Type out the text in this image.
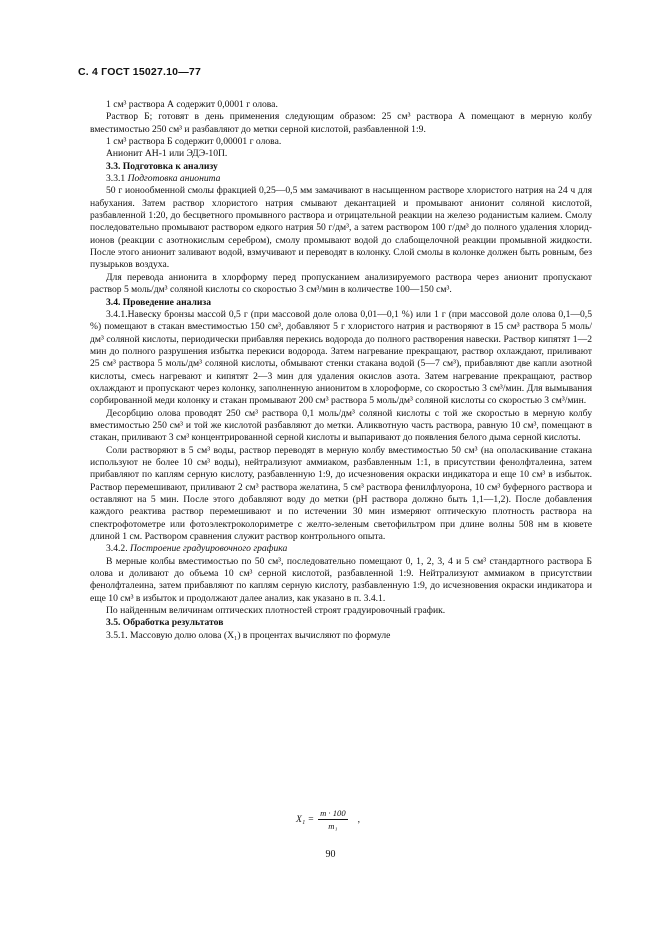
С. 4 ГОСТ 15027.10—77

1 см³ раствора А содержит 0,0001 г олова.

Раствор Б; готовят в день применения следующим образом: 25 см³ раствора А помещают в мерную колбу вместимостью 250 см³ и разбавляют до метки серной кислотой, разбавленной 1:9.

1 см³ раствора Б содержит 0,00001 г олова.

Анионит АН-1 или ЭДЭ-10П.

3.3. Подготовка к анализу

3.3.1 Подготовка анионита

50 г ионообменной смолы фракцией 0,25—0,5 мм замачивают в насыщенном растворе хлористого натрия на 24 ч для набухания. Затем раствор хлористого натрия смывают декантацией и промывают анионит соляной кислотой, разбавленной 1:20, до бесцветного промывного раствора и отрицательной реакции на железо роданистым калием. Смолу последовательно промывают раствором едкого натрия 50 г/дм³, а затем раствором 100 г/дм³ до полного удаления хлорид-ионов (реакции с азотнокислым серебром), смолу промывают водой до слабощелочной реакции промывной жидкости. После этого анионит заливают водой, взмучивают и переводят в колонку. Слой смолы в колонке должен быть ровным, без пузырьков воздуха.

Для перевода анионита в хлорформу перед пропусканием анализируемого раствора через анионит пропускают раствор 5 моль/дм³ соляной кислоты со скоростью 3 см³/мин в количестве 100—150 см³.

3.4. Проведение анализа

3.4.1.Навеску бронзы массой 0,5 г (при массовой доле олова 0,01—0,1 %) или 1 г (при массовой доле олова 0,1—0,5 %) помещают в стакан вместимостью 150 см³, добавляют 5 г хлористого натрия и растворяют в 15 см³ раствора 5 моль/дм³ соляной кислоты, периодически прибавляя перекись водорода до полного растворения навески. Раствор кипятят 1—2 мин до полного разрушения избытка перекиси водорода. Затем нагревание прекращают, раствор охлаждают, приливают 25 см³ раствора 5 моль/дм³ соляной кислоты, обмывают стенки стакана водой (5—7 см³), прибавляют две капли азотной кислоты, смесь нагревают и кипятят 2—3 мин для удаления окислов азота. Затем нагревание прекращают, раствор охлаждают и пропускают через колонку, заполненную анионитом в хлороформе, со скоростью 3 см³/мин. Для вымывания сорбированной меди колонку и стакан промывают 200 см³ раствора 5 моль/дм³ соляной кислоты со скоростью 3 см³/мин.

Десорбцию олова проводят 250 см³ раствора 0,1 моль/дм³ соляной кислоты с той же скоростью в мерную колбу вместимостью 250 см³ и той же кислотой разбавляют до метки. Аликвотную часть раствора, равную 10 см³, помещают в стакан, приливают 3 см³ концентрированной серной кислоты и выпаривают до появления белого дыма серной кислоты.

Соли растворяют в 5 см³ воды, раствор переводят в мерную колбу вместимостью 50 см³ (на ополаскивание стакана используют не более 10 см³ воды), нейтрализуют аммиаком, разбавленным 1:1, в присутствии фенолфталеина, затем прибавляют по каплям серную кислоту, разбавленную 1:9, до исчезновения окраски индикатора и еще 10 см³ в избыток. Раствор перемешивают, приливают 2 см³ раствора желатина, 5 см³ раствора фенилфлуорона, 10 см³ буферного раствора и оставляют на 5 мин. После этого добавляют воду до метки (рН раствора должно быть 1,1—1,2). После добавления каждого реактива раствор перемешивают и по истечении 30 мин измеряют оптическую плотность раствора на спектрофотометре или фотоэлектроколориметре с желто-зеленым светофильтром при длине волны 508 нм в кювете длиной 1 см. Раствором сравнения служит раствор контрольного опыта.

3.4.2. Построение градуировочного графика

В мерные колбы вместимостью по 50 см³, последовательно помещают 0, 1, 2, 3, 4 и 5 см³ стандартного раствора Б олова и доливают до объема 10 см³ серной кислотой, разбавленной 1:9. Нейтрализуют аммиаком в присутствии фенолфталеина, затем прибавляют по каплям серную кислоту, разбавленную 1:9, до исчезновения окраски индикатора и еще 10 см³ в избыток и продолжают далее анализ, как указано в п. 3.4.1.

По найденным величинам оптических плотностей строят градуировочный график.

3.5. Обработка результатов

3.5.1. Массовую долю олова (X₁) в процентах вычисляют по формуле

$X_1 = \frac{m \cdot 100}{\text{m₁}}$ ,
90
